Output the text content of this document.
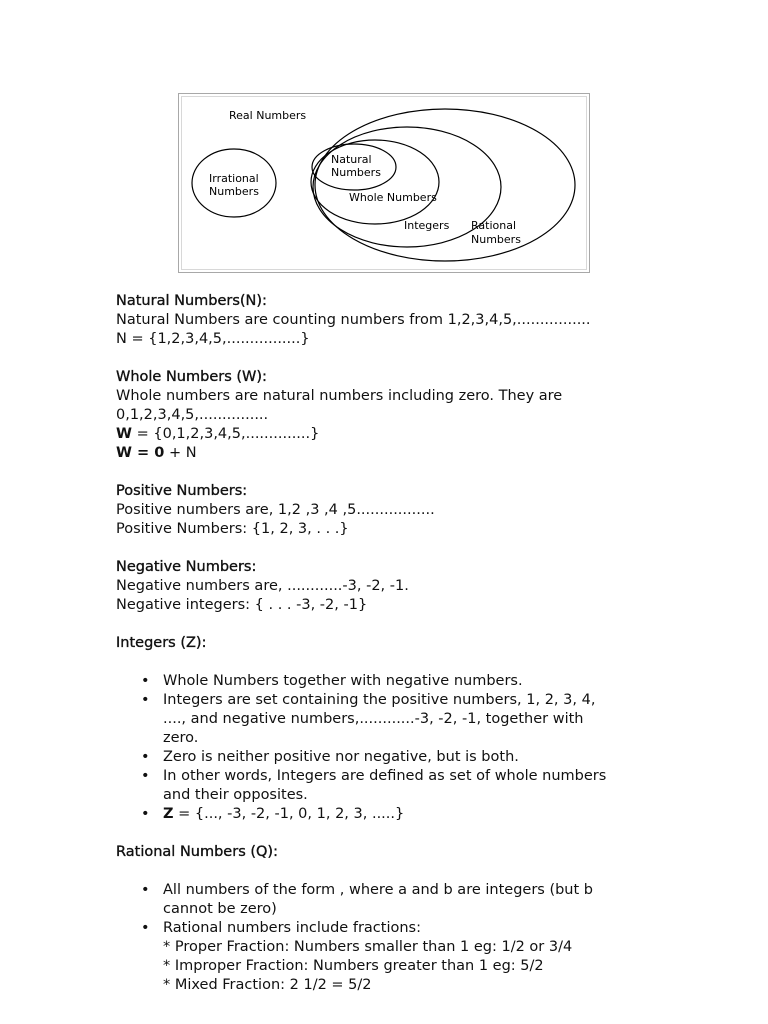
Real Numbers
Irrational
Numbers
Natural
Numbers
Whole Numbers
Integers Rational
Numbers

Natural Numbers(N):

Natural Numbers are counting numbers from 1,2,3,4,5,................

N = {1,2,3,4,5,................}

Whole Numbers (W):

Whole numbers are natural numbers including zero. They are

0,1,2,3,4,5,...............

W = {0,1,2,3,4,5,..............}

W = 0 + N

Positive Numbers:

Positive numbers are, 1,2 ,3 ,4 ,5.................

Positive Numbers: {1, 2, 3, . . .}

Negative Numbers:

Negative numbers are, ............-3, -2, -1.

Negative integers: { . . . -3, -2, -1}

Integers (Z):

• Whole Numbers together with negative numbers.
• Integers are set containing the positive numbers, 1, 2, 3, 4, ...., and negative numbers,............-3, -2, -1, together with zero.
• Zero is neither positive nor negative, but is both.
• In other words, Integers are defined as set of whole numbers and their opposites.
• Z = {..., -3, -2, -1, 0, 1, 2, 3, .....}

Rational Numbers (Q):

• All numbers of the form , where a and b are integers (but b cannot be zero)
• Rational numbers include fractions:
* Proper Fraction: Numbers smaller than 1 eg: 1/2 or 3/4
* Improper Fraction: Numbers greater than 1 eg: 5/2
* Mixed Fraction: 2 1/2 = 5/2
